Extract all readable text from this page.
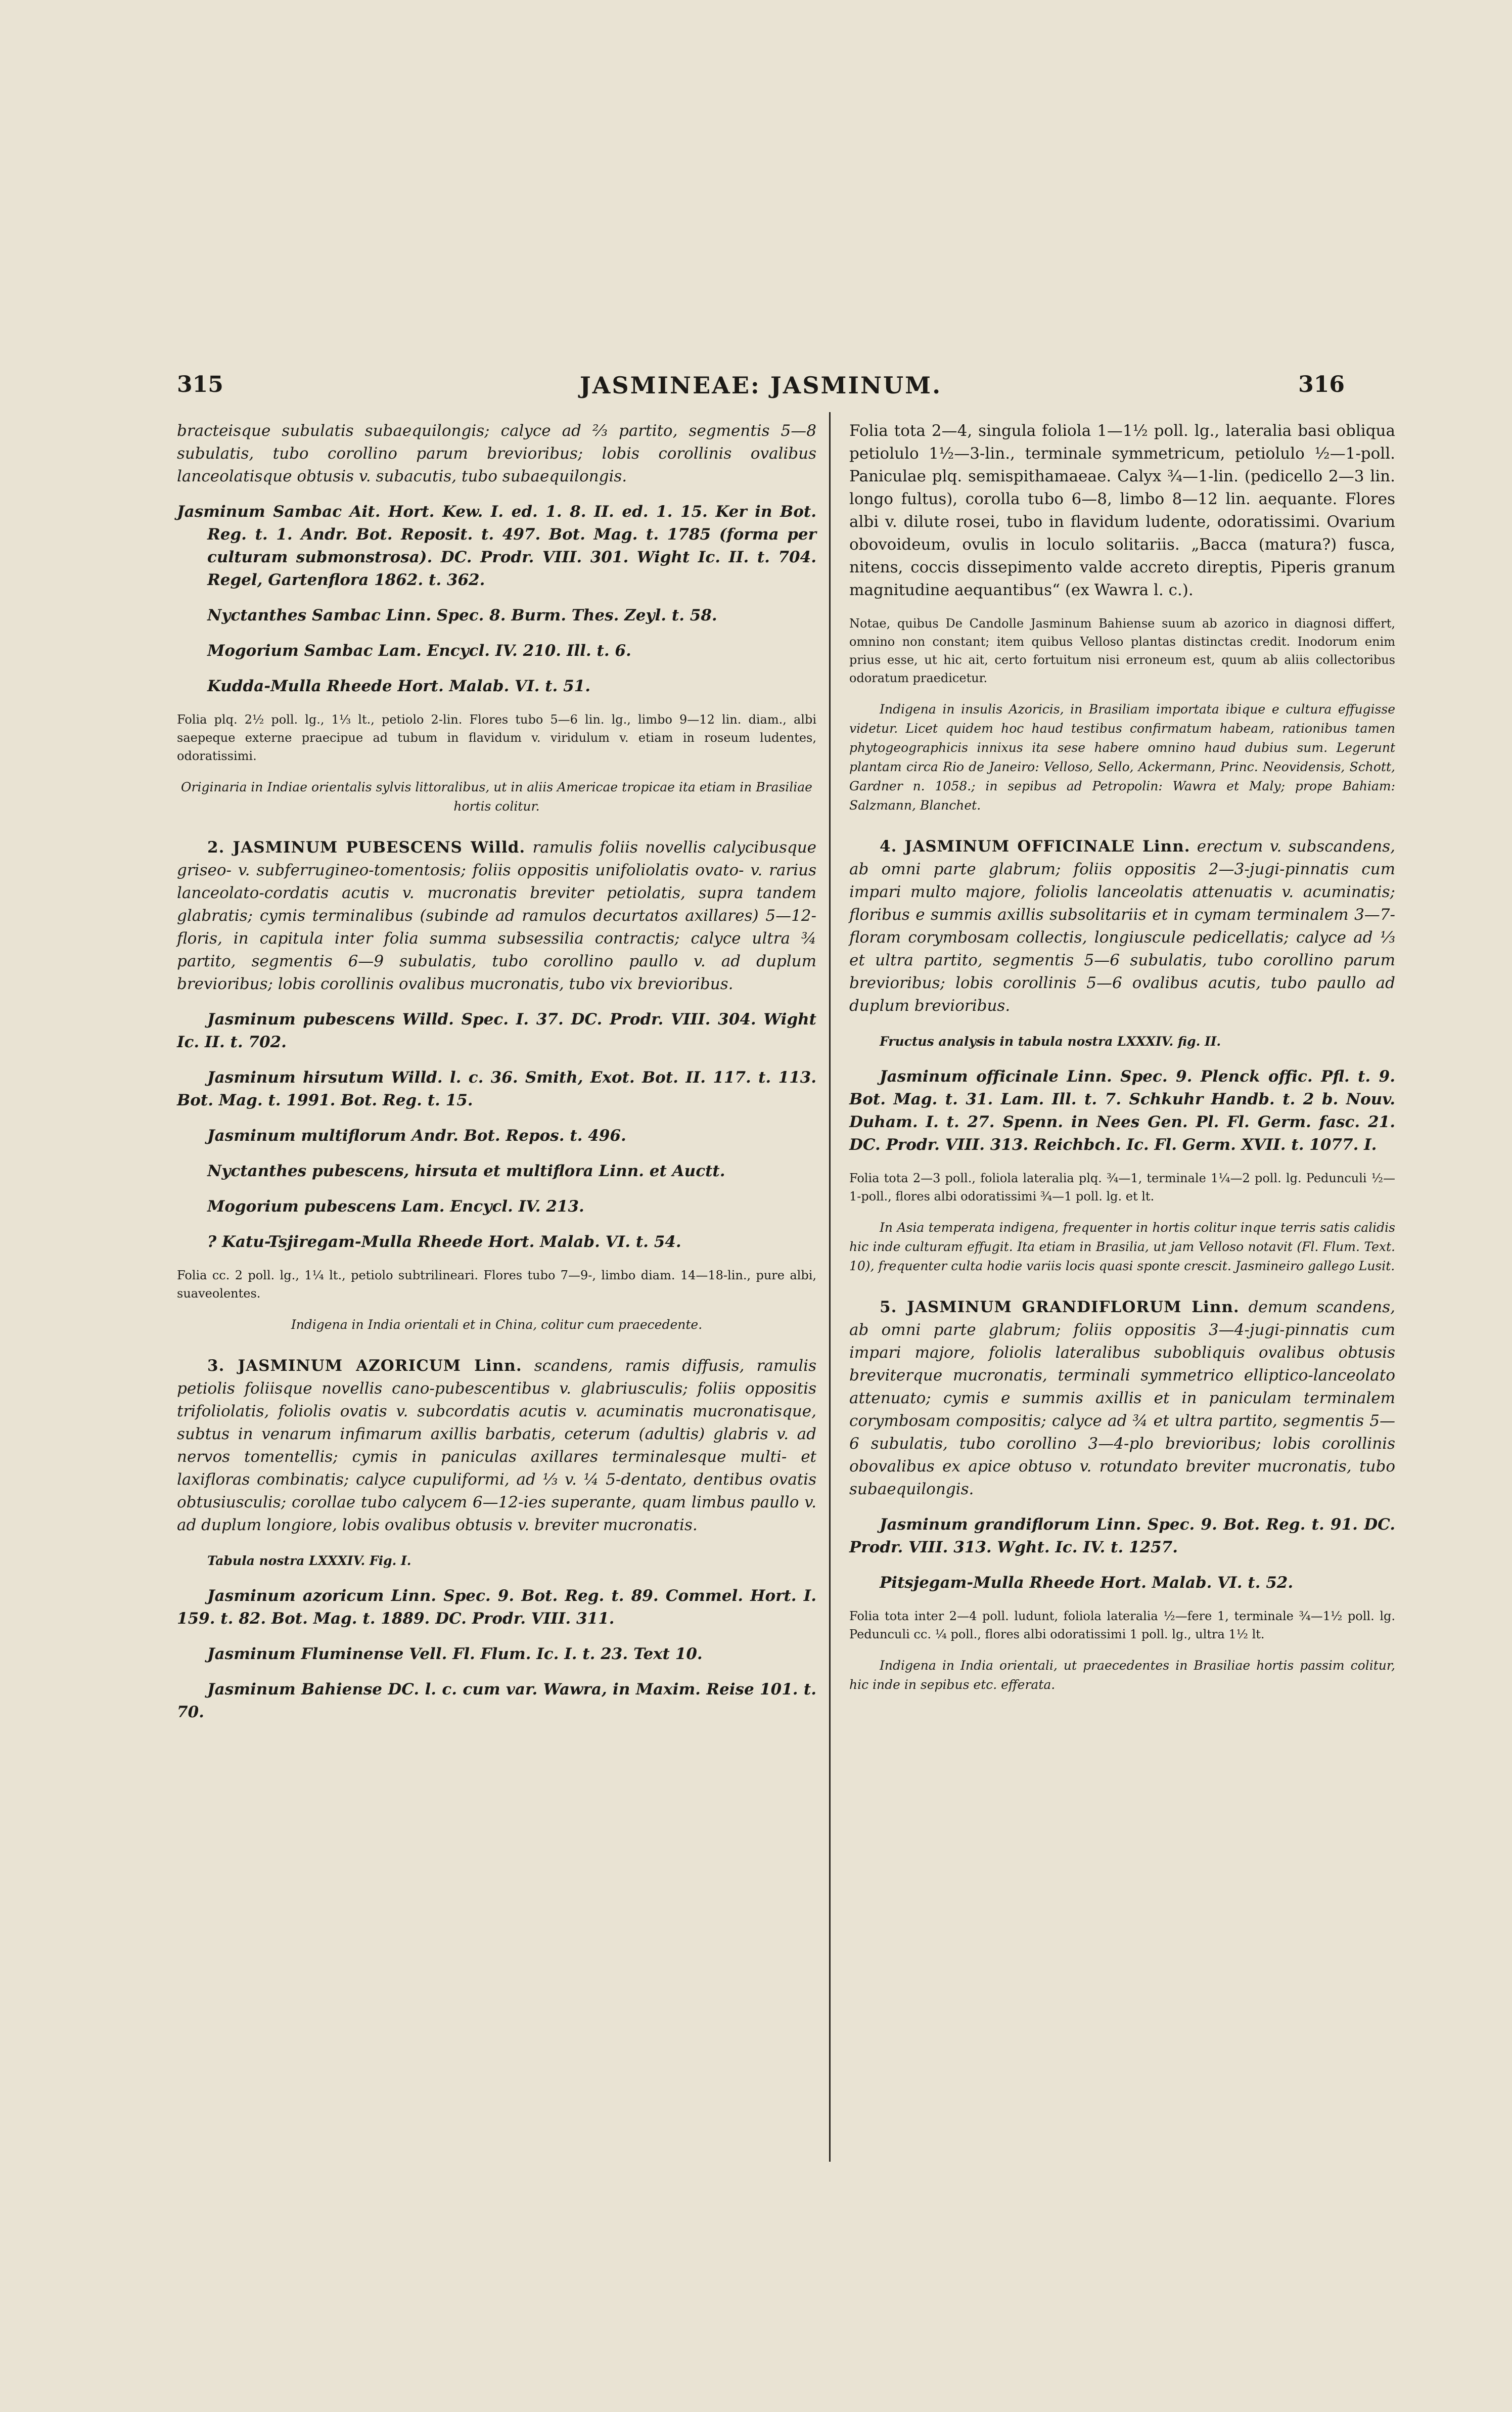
315	JASMINEAE: JASMINUM.	316

bracteisque subulatis subaequilongis; calyce ad ⅔ partito, segmentis 5—8 subulatis, tubo corollino parum brevioribus; lobis corollinis ovalibus lanceolatisque obtusis v. subacutis, tubo subaequilongis.

Jasminum Sambac Ait. Hort. Kew. I. ed. 1. 8. II. ed. 1. 15. Ker in Bot. Reg. t. 1. Andr. Bot. Reposit. t. 497. Bot. Mag. t. 1785 (forma per culturam submonstrosa). DC. Prodr. VIII. 301. Wight Ic. II. t. 704. Regel, Gartenflora 1862. t. 362.

Nyctanthes Sambac Linn. Spec. 8. Burm. Thes. Zeyl. t. 58.

Mogorium Sambac Lam. Encycl. IV. 210. Ill. t. 6.

Kudda-Mulla Rheede Hort. Malab. VI. t. 51.

Folia plq. 2½ poll. lg., 1⅓ lt., petiolo 2-lin. Flores tubo 5—6 lin. lg., limbo 9—12 lin. diam., albi saepeque externe praecipue ad tubum in flavidum v. viridulum v. etiam in roseum ludentes, odoratissimi.

Originaria in Indiae orientalis sylvis littoralibus, ut in aliis Americae tropicae ita etiam in Brasiliae hortis colitur.

2. JASMINUM PUBESCENS Willd. ramulis foliis novellis calycibusque griseo- v. subferrugineo-tomentosis; foliis oppositis unifoliolatis ovato- v. rarius lanceolato-cordatis acutis v. mucronatis breviter petiolatis, supra tandem glabratis; cymis terminalibus (subinde ad ramulos decurtatos axillares) 5—12-floris, in capitula inter folia summa subsessilia contractis; calyce ultra ¾ partito, segmentis 6—9 subulatis, tubo corollino paullo v. ad duplum brevioribus; lobis corollinis ovalibus mucronatis, tubo vix brevioribus.

Jasminum pubescens Willd. Spec. I. 37. DC. Prodr. VIII. 304. Wight Ic. II. t. 702.

Jasminum hirsutum Willd. l. c. 36. Smith, Exot. Bot. II. 117. t. 113. Bot. Mag. t. 1991. Bot. Reg. t. 15.

Jasminum multiflorum Andr. Bot. Repos. t. 496.

Nyctanthes pubescens, hirsuta et multiflora Linn. et Auctt.

Mogorium pubescens Lam. Encycl. IV. 213.

? Katu-Tsjiregam-Mulla Rheede Hort. Malab. VI. t. 54.

Folia cc. 2 poll. lg., 1¼ lt., petiolo subtrilineari. Flores tubo 7—9-, limbo diam. 14—18-lin., pure albi, suaveolentes.

Indigena in India orientali et in China, colitur cum praecedente.

3. JASMINUM AZORICUM Linn. scandens, ramis diffusis, ramulis petiolis foliisque novellis cano-pubescentibus v. glabriusculis; foliis oppositis trifoliolatis, foliolis ovatis v. subcordatis acutis v. acuminatis mucronatisque, subtus in venarum infimarum axillis barbatis, ceterum (adultis) glabris v. ad nervos tomentellis; cymis in paniculas axillares terminalesque multi- et laxifloras combinatis; calyce cupuliformi, ad ⅓ v. ¼ 5-dentato, dentibus ovatis obtusiusculis; corollae tubo calycem 6—12-ies superante, quam limbus paullo v. ad duplum longiore, lobis ovalibus obtusis v. breviter mucronatis.

Tabula nostra LXXXIV. Fig. I.

Jasminum azoricum Linn. Spec. 9. Bot. Reg. t. 89. Commel. Hort. I. 159. t. 82. Bot. Mag. t. 1889. DC. Prodr. VIII. 311.

Jasminum Fluminense Vell. Fl. Flum. Ic. I. t. 23. Text 10.

Jasminum Bahiense DC. l. c. cum var. Wawra, in Maxim. Reise 101. t. 70.

Folia tota 2—4, singula foliola 1—1½ poll. lg., lateralia basi obliqua petiolulo 1½—3-lin., terminale symmetricum, petiolulo ½—1-poll. Paniculae plq. semispithamaeae. Calyx ¾—1-lin. (pedicello 2—3 lin. longo fultus), corolla tubo 6—8, limbo 8—12 lin. aequante. Flores albi v. dilute rosei, tubo in flavidum ludente, odoratissimi. Ovarium obovoideum, ovulis in loculo solitariis. „Bacca (matura?) fusca, nitens, coccis dissepimento valde accreto direptis, Piperis granum magnitudine aequantibus“ (ex Wawra l. c.).

Notae, quibus De Candolle Jasminum Bahiense suum ab azorico in diagnosi differt, omnino non constant; item quibus Velloso plantas distinctas credit. Inodorum enim prius esse, ut hic ait, certo fortuitum nisi erroneum est, quum ab aliis collectoribus odoratum praedicetur.

Indigena in insulis Azoricis, in Brasiliam importata ibique e cultura effugisse videtur. Licet quidem hoc haud testibus confirmatum habeam, rationibus tamen phytogeographicis innixus ita sese habere omnino haud dubius sum. Legerunt plantam circa Rio de Janeiro: Velloso, Sello, Ackermann, Princ. Neovidensis, Schott, Gardner n. 1058.; in sepibus ad Petropolin: Wawra et Maly; prope Bahiam: Salzmann, Blanchet.

4. JASMINUM OFFICINALE Linn. erectum v. subscandens, ab omni parte glabrum; foliis oppositis 2—3-jugi-pinnatis cum impari multo majore, foliolis lanceolatis attenuatis v. acuminatis; floribus e summis axillis subsolitariis et in cymam terminalem 3—7-floram corymbosam collectis, longiuscule pedicellatis; calyce ad ⅓ et ultra partito, segmentis 5—6 subulatis, tubo corollino parum brevioribus; lobis corollinis 5—6 ovalibus acutis, tubo paullo ad duplum brevioribus.

Fructus analysis in tabula nostra LXXXIV. fig. II.

Jasminum officinale Linn. Spec. 9. Plenck offic. Pfl. t. 9. Bot. Mag. t. 31. Lam. Ill. t. 7. Schkuhr Handb. t. 2 b. Nouv. Duham. I. t. 27. Spenn. in Nees Gen. Pl. Fl. Germ. fasc. 21. DC. Prodr. VIII. 313. Reichbch. Ic. Fl. Germ. XVII. t. 1077. I.

Folia tota 2—3 poll., foliola lateralia plq. ¾—1, terminale 1¼—2 poll. lg. Pedunculi ½—1-poll., flores albi odoratissimi ¾—1 poll. lg. et lt.

In Asia temperata indigena, frequenter in hortis colitur inque terris satis calidis hic inde culturam effugit. Ita etiam in Brasilia, ut jam Velloso notavit (Fl. Flum. Text. 10), frequenter culta hodie variis locis quasi sponte crescit. Jasmineiro gallego Lusit.

5. JASMINUM GRANDIFLORUM Linn. demum scandens, ab omni parte glabrum; foliis oppositis 3—4-jugi-pinnatis cum impari majore, foliolis lateralibus subobliquis ovalibus obtusis breviterque mucronatis, terminali symmetrico elliptico-lanceolato attenuato; cymis e summis axillis et in paniculam terminalem corymbosam compositis; calyce ad ¾ et ultra partito, segmentis 5—6 subulatis, tubo corollino 3—4-plo brevioribus; lobis corollinis obovalibus ex apice obtuso v. rotundato breviter mucronatis, tubo subaequilongis.

Jasminum grandiflorum Linn. Spec. 9. Bot. Reg. t. 91. DC. Prodr. VIII. 313. Wght. Ic. IV. t. 1257.

Pitsjegam-Mulla Rheede Hort. Malab. VI. t. 52.

Folia tota inter 2—4 poll. ludunt, foliola lateralia ½—fere 1, terminale ¾—1½ poll. lg. Pedunculi cc. ¼ poll., flores albi odoratissimi 1 poll. lg., ultra 1½ lt.

Indigena in India orientali, ut praecedentes in Brasiliae hortis passim colitur, hic inde in sepibus etc. efferata.
